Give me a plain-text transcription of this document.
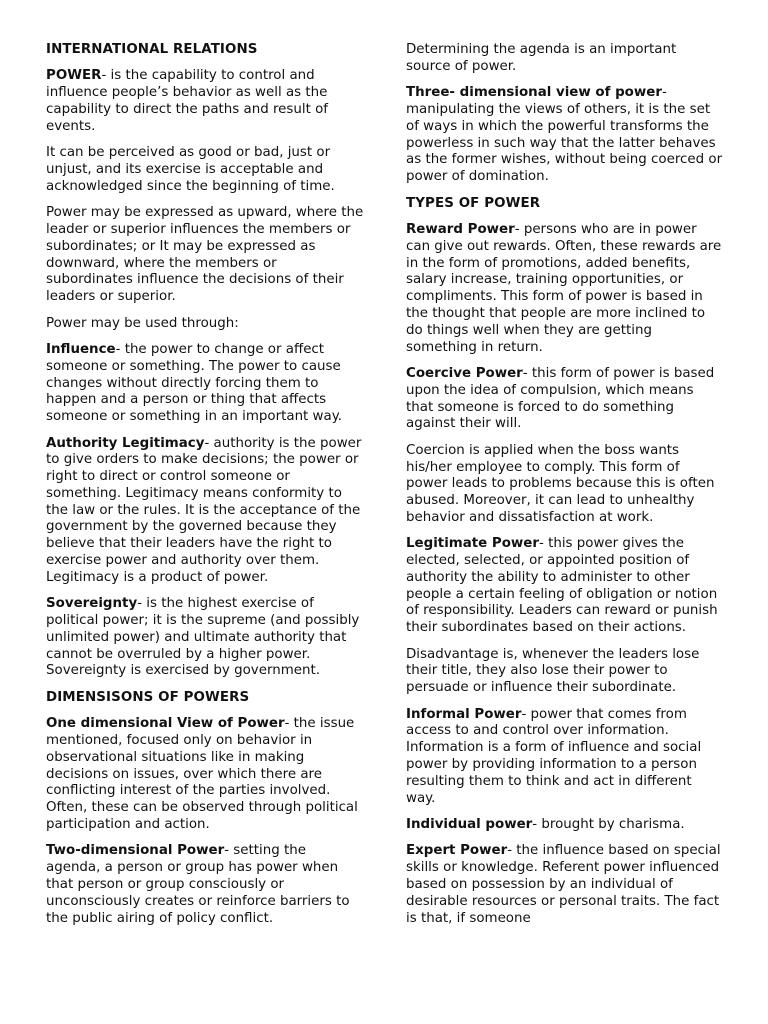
INTERNATIONAL RELATIONS

POWER- is the capability to control and influence people’s behavior as well as the capability to direct the paths and result of events.

It can be perceived as good or bad, just or unjust, and its exercise is acceptable and acknowledged since the beginning of time.

Power may be expressed as upward, where the leader or superior influences the members or subordinates; or It may be expressed as downward, where the members or subordinates influence the decisions of their leaders or superior.

Power may be used through:

Influence- the power to change or affect someone or something. The power to cause changes without directly forcing them to happen and a person or thing that affects someone or something in an important way.

Authority Legitimacy- authority is the power to give orders to make decisions; the power or right to direct or control someone or something. Legitimacy means conformity to the law or the rules. It is the acceptance of the government by the governed because they believe that their leaders have the right to exercise power and authority over them. Legitimacy is a product of power.

Sovereignty- is the highest exercise of political power; it is the supreme (and possibly unlimited power) and ultimate authority that cannot be overruled by a higher power. Sovereignty is exercised by government.

DIMENSISONS OF POWERS

One dimensional View of Power- the issue mentioned, focused only on behavior in observational situations like in making decisions on issues, over which there are conflicting interest of the parties involved. Often, these can be observed through political participation and action.

Two-dimensional Power- setting the agenda, a person or group has power when that person or group consciously or unconsciously creates or reinforce barriers to the public airing of policy conflict.

Determining the agenda is an important source of power.

Three- dimensional view of power- manipulating the views of others, it is the set of ways in which the powerful transforms the powerless in such way that the latter behaves as the former wishes, without being coerced or power of domination.

TYPES OF POWER

Reward Power- persons who are in power can give out rewards. Often, these rewards are in the form of promotions, added benefits, salary increase, training opportunities, or compliments. This form of power is based in the thought that people are more inclined to do things well when they are getting something in return.

Coercive Power- this form of power is based upon the idea of compulsion, which means that someone is forced to do something against their will.

Coercion is applied when the boss wants his/her employee to comply. This form of power leads to problems because this is often abused. Moreover, it can lead to unhealthy behavior and dissatisfaction at work.

Legitimate Power- this power gives the elected, selected, or appointed position of authority the ability to administer to other people a certain feeling of obligation or notion of responsibility. Leaders can reward or punish their subordinates based on their actions.

Disadvantage is, whenever the leaders lose their title, they also lose their power to persuade or influence their subordinate.

Informal Power- power that comes from access to and control over information. Information is a form of influence and social power by providing information to a person resulting them to think and act in different way.

Individual power- brought by charisma.

Expert Power- the influence based on special skills or knowledge. Referent power influenced based on possession by an individual of desirable resources or personal traits. The fact is that, if someone
